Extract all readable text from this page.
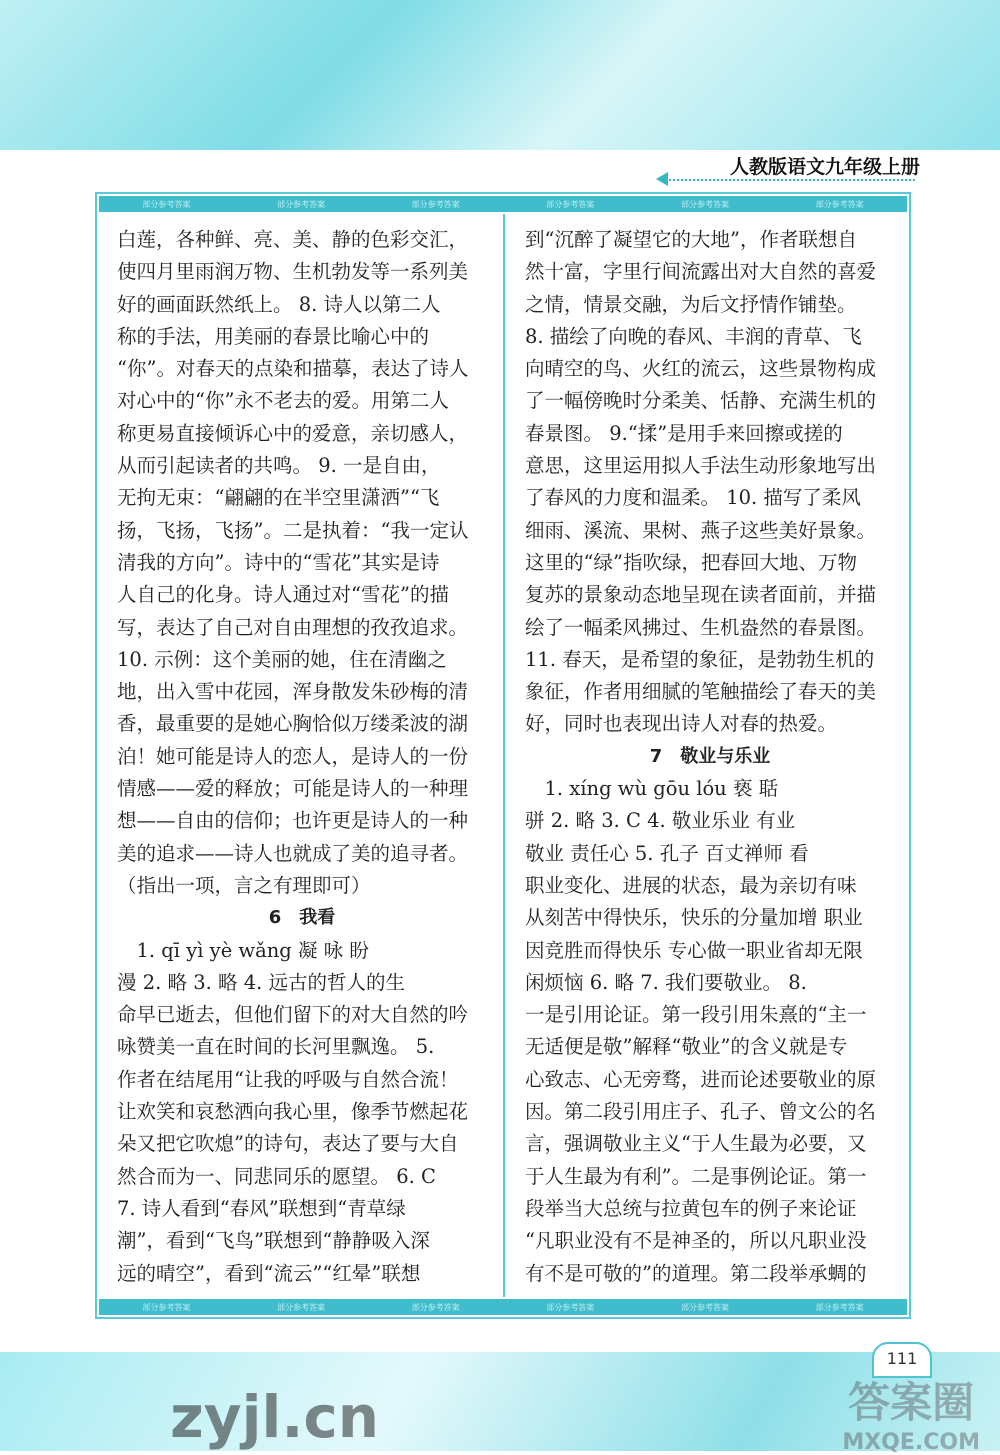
人教版语文九年级上册
部分参考答案	部分参考答案	部分参考答案	部分参考答案	部分参考答案	部分参考答案
白莲，各种鲜、亮、美、静的色彩交汇，
使四月里雨润万物、生机勃发等一系列美
好的画面跃然纸上。 8. 诗人以第二人
称的手法，用美丽的春景比喻心中的
“你”。对春天的点染和描摹，表达了诗人
对心中的“你”永不老去的爱。用第二人
称更易直接倾诉心中的爱意，亲切感人，
从而引起读者的共鸣。 9. 一是自由，
无拘无束：“翩翩的在半空里潇洒”“飞
扬，飞扬，飞扬”。二是执着：“我一定认
清我的方向”。诗中的“雪花”其实是诗
人自己的化身。诗人通过对“雪花”的描
写，表达了自己对自由理想的孜孜追求。
10. 示例：这个美丽的她，住在清幽之
地，出入雪中花园，浑身散发朱砂梅的清
香，最重要的是她心胸恰似万缕柔波的湖
泊！她可能是诗人的恋人，是诗人的一份
情感——爱的释放；可能是诗人的一种理
想——自由的信仰；也许更是诗人的一种
美的追求——诗人也就成了美的追寻者。
（指出一项，言之有理即可）
6　我看
　1. qī yì yè wǎng 凝 咏 盼
漫 2. 略 3. 略 4. 远古的哲人的生
命早已逝去，但他们留下的对大自然的吟
咏赞美一直在时间的长河里飘逸。 5.
作者在结尾用“让我的呼吸与自然合流！
让欢笑和哀愁洒向我心里，像季节燃起花
朵又把它吹熄”的诗句，表达了要与大自
然合而为一、同悲同乐的愿望。 6. C
7. 诗人看到“春风”联想到“青草绿
潮”，看到“飞鸟”联想到“静静吸入深
远的晴空”，看到“流云”“红晕”联想
到“沉醉了凝望它的大地”，作者联想自
然十富，字里行间流露出对大自然的喜爱
之情，情景交融，为后文抒情作铺垫。
8. 描绘了向晚的春风、丰润的青草、飞
向晴空的鸟、火红的流云，这些景物构成
了一幅傍晚时分柔美、恬静、充满生机的
春景图。 9.“揉”是用手来回擦或搓的
意思，这里运用拟人手法生动形象地写出
了春风的力度和温柔。 10. 描写了柔风
细雨、溪流、果树、燕子这些美好景象。
这里的“绿”指吹绿，把春回大地、万物
复苏的景象动态地呈现在读者面前，并描
绘了一幅柔风拂过、生机盎然的春景图。
11. 春天，是希望的象征，是勃勃生机的
象征，作者用细腻的笔触描绘了春天的美
好，同时也表现出诗人对春的热爱。
7　敬业与乐业
　1. xíng wù gōu lóu 亵 聒
骈 2. 略 3. C 4. 敬业乐业 有业
敬业 责任心 5. 孔子 百丈禅师 看
职业变化、进展的状态，最为亲切有味
从刻苦中得快乐，快乐的分量加增 职业
因竞胜而得快乐 专心做一职业省却无限
闲烦恼 6. 略 7. 我们要敬业。 8.
一是引用论证。第一段引用朱熹的“主一
无适便是敬”解释“敬业”的含义就是专
心致志、心无旁骛，进而论述要敬业的原
因。第二段引用庄子、孔子、曾文公的名
言，强调敬业主义“于人生最为必要，又
于人生最为有利”。二是事例论证。第一
段举当大总统与拉黄包车的例子来论证
“凡职业没有不是神圣的，所以凡职业没
有不是可敬的”的道理。第二段举承蜩的
部分参考答案	部分参考答案	部分参考答案	部分参考答案	部分参考答案	部分参考答案
111
zyjl.cn	答案圈
MXQE.COM
